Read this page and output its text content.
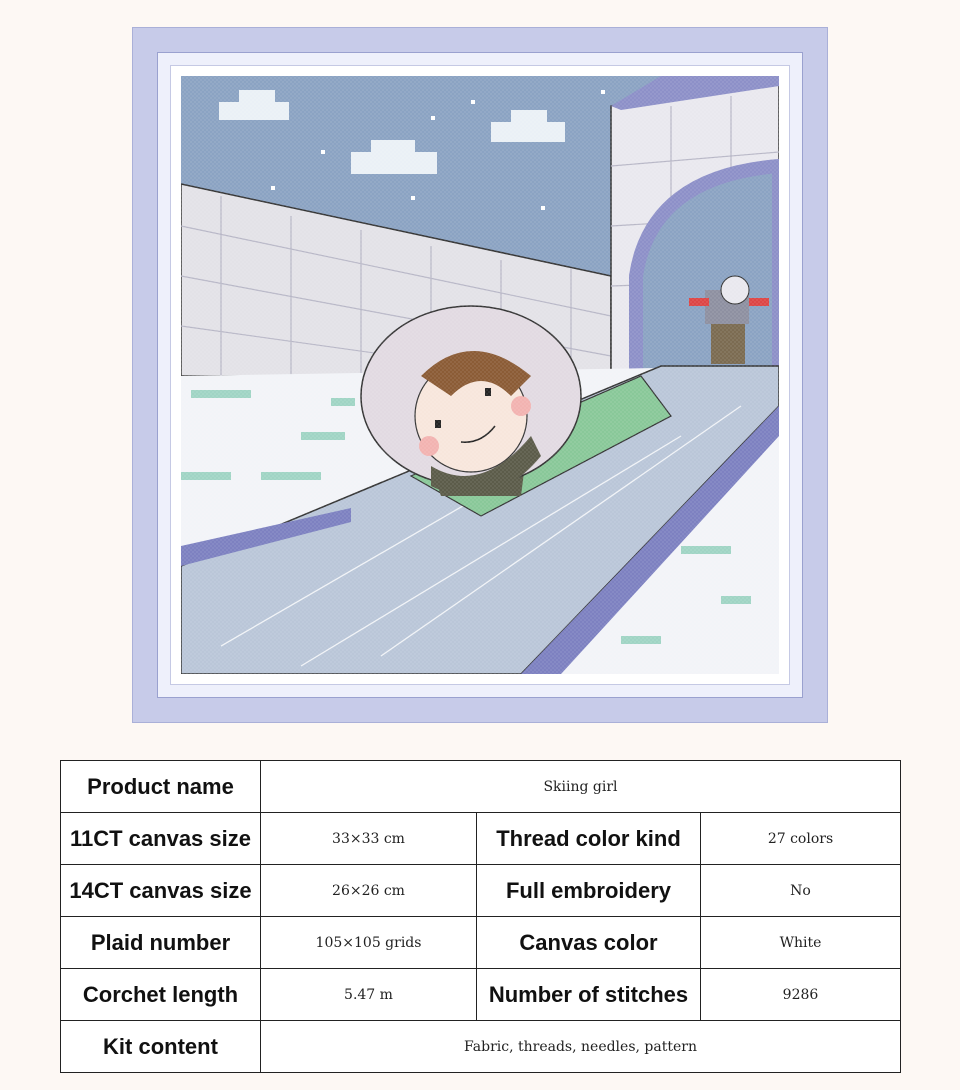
Product name	Skiing girl		
11CT canvas size	33×33 cm	Thread color kind	27 colors
14CT canvas size	26×26 cm	Full embroidery	No
Plaid number	105×105 grids	Canvas color	White
Corchet length	5.47 m	Number of stitches	9286
Kit content	Fabric, threads, needles, pattern		
